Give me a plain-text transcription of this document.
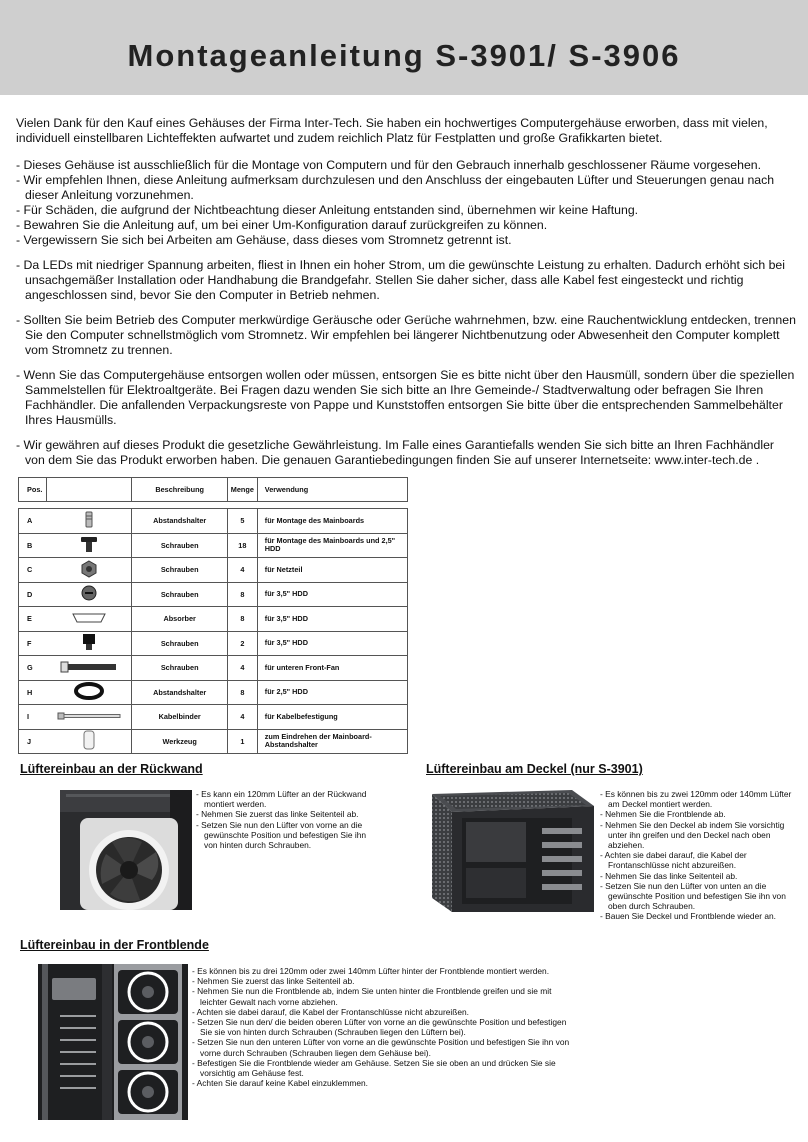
Montageanleitung S-3901/ S-3906

Vielen Dank für den Kauf eines Gehäuses der Firma Inter-Tech. Sie haben ein hochwertiges Computergehäuse erworben, dass mit vielen, individuell einstellbaren Lichteffekten aufwartet und zudem reichlich Platz für Festplatten und große Grafikkarten bietet.

- Dieses Gehäuse ist ausschließlich für die Montage von Computern und für den Gebrauch innerhalb geschlossener Räume vorgesehen.

- Wir empfehlen Ihnen, diese Anleitung aufmerksam durchzulesen und den Anschluss der eingebauten Lüfter und Steuerungen genau nach dieser Anleitung vorzunehmen.

- Für Schäden, die aufgrund der Nichtbeachtung dieser Anleitung entstanden sind, übernehmen wir keine Haftung.

- Bewahren Sie die Anleitung auf, um bei einer Um-Konfiguration darauf zurückgreifen zu können.

- Vergewissern Sie sich bei Arbeiten am Gehäuse, dass dieses vom Stromnetz getrennt ist.

- Da LEDs mit niedriger Spannung arbeiten, fliest in Ihnen ein hoher Strom, um die gewünschte Leistung zu erhalten. Dadurch erhöht sich bei unsachgemäßer Installation oder Handhabung die Brandgefahr. Stellen Sie daher sicher, dass alle Kabel fest eingesteckt und richtig angeschlossen sind, bevor Sie den Computer in Betrieb nehmen.

- Sollten Sie beim Betrieb des Computer merkwürdige Geräusche oder Gerüche wahrnehmen, bzw. eine Rauchentwicklung entdecken, trennen Sie den Computer schnellstmöglich vom Stromnetz. Wir empfehlen bei längerer Nichtbenutzung oder Abwesenheit den Computer komplett vom Stromnetz zu trennen.

- Wenn Sie das Computergehäuse entsorgen wollen oder müssen, entsorgen Sie es bitte nicht über den Hausmüll, sondern über die speziellen Sammelstellen für Elektroaltgeräte. Bei Fragen dazu wenden Sie sich bitte an Ihre Gemeinde-/ Stadtverwaltung oder befragen Sie Ihren Fachhändler. Die anfallenden Verpackungsreste von Pappe und Kunststoffen entsorgen Sie bitte über die entsprechenden Sammelbehälter Ihres Hausmülls.

- Wir gewähren auf dieses Produkt die gesetzliche Gewährleistung. Im Falle eines Garantiefalls wenden Sie sich bitte an Ihren Fachhändler von dem Sie das Produkt erworben haben. Die genauen Garantiebedingungen finden Sie auf unserer Internetseite: www.inter-tech.de .

Pos.	Beschreibung	Menge	Verwendung
A	Abstandshalter	5	für Montage des Mainboards
B	Schrauben	18	für Montage des Mainboards und 2,5" HDD
C	Schrauben	4	für Netzteil
D	Schrauben	8	für 3,5" HDD
E	Absorber	8	für 3,5" HDD
F	Schrauben	2	für 3,5" HDD
G	Schrauben	4	für unteren Front-Fan
H	Abstandshalter	8	für 2,5" HDD
I	Kabelbinder	4	für Kabelbefestigung
J	Werkzeug	1	zum Eindrehen der Mainboard-Abstandshalter
Lüftereinbau an der Rückwand

- Es kann ein 120mm Lüfter an der Rückwand montiert werden.

- Nehmen Sie zuerst das linke Seitenteil ab.

- Setzen Sie nun den Lüfter von vorne an die gewünschte Position und befestigen Sie ihn von hinten durch Schrauben.

Lüftereinbau am Deckel (nur S-3901)

- Es können bis zu zwei 120mm oder 140mm Lüfter am Deckel montiert werden.

- Nehmen Sie die Frontblende ab.

- Nehmen Sie den Deckel ab indem Sie vorsichtig unter ihn greifen und den Deckel nach oben abziehen.

- Achten sie dabei darauf, die Kabel der Frontanschlüsse nicht abzureißen.

- Nehmen Sie das linke Seitenteil ab.

- Setzen Sie nun den Lüfter von unten an die gewünschte Position und befestigen Sie ihn von oben durch Schrauben.

- Bauen Sie Deckel und Frontblende wieder an.

Lüftereinbau in der Frontblende

- Es können bis zu drei 120mm oder zwei 140mm Lüfter hinter der Frontblende montiert werden.

- Nehmen Sie zuerst das linke Seitenteil ab.

- Nehmen Sie nun die Frontblende ab, indem Sie unten hinter die Frontblende greifen und sie mit leichter Gewalt nach vorne abziehen.

- Achten sie dabei darauf, die Kabel der Frontanschlüsse nicht abzureißen.

- Setzen Sie nun den/ die beiden oberen Lüfter von vorne an die gewünschte Position und befestigen Sie sie von hinten durch Schrauben (Schrauben liegen den Lüftern bei).

- Setzen Sie nun den unteren Lüfter von vorne an die gewünschte Position und befestigen Sie ihn von vorne durch Schrauben (Schrauben liegen dem Gehäuse bei).

- Befestigen Sie die Frontblende wieder am Gehäuse. Setzen Sie sie oben an und drücken Sie sie vorsichtig am Gehäuse fest.

- Achten Sie darauf keine Kabel einzuklemmen.
